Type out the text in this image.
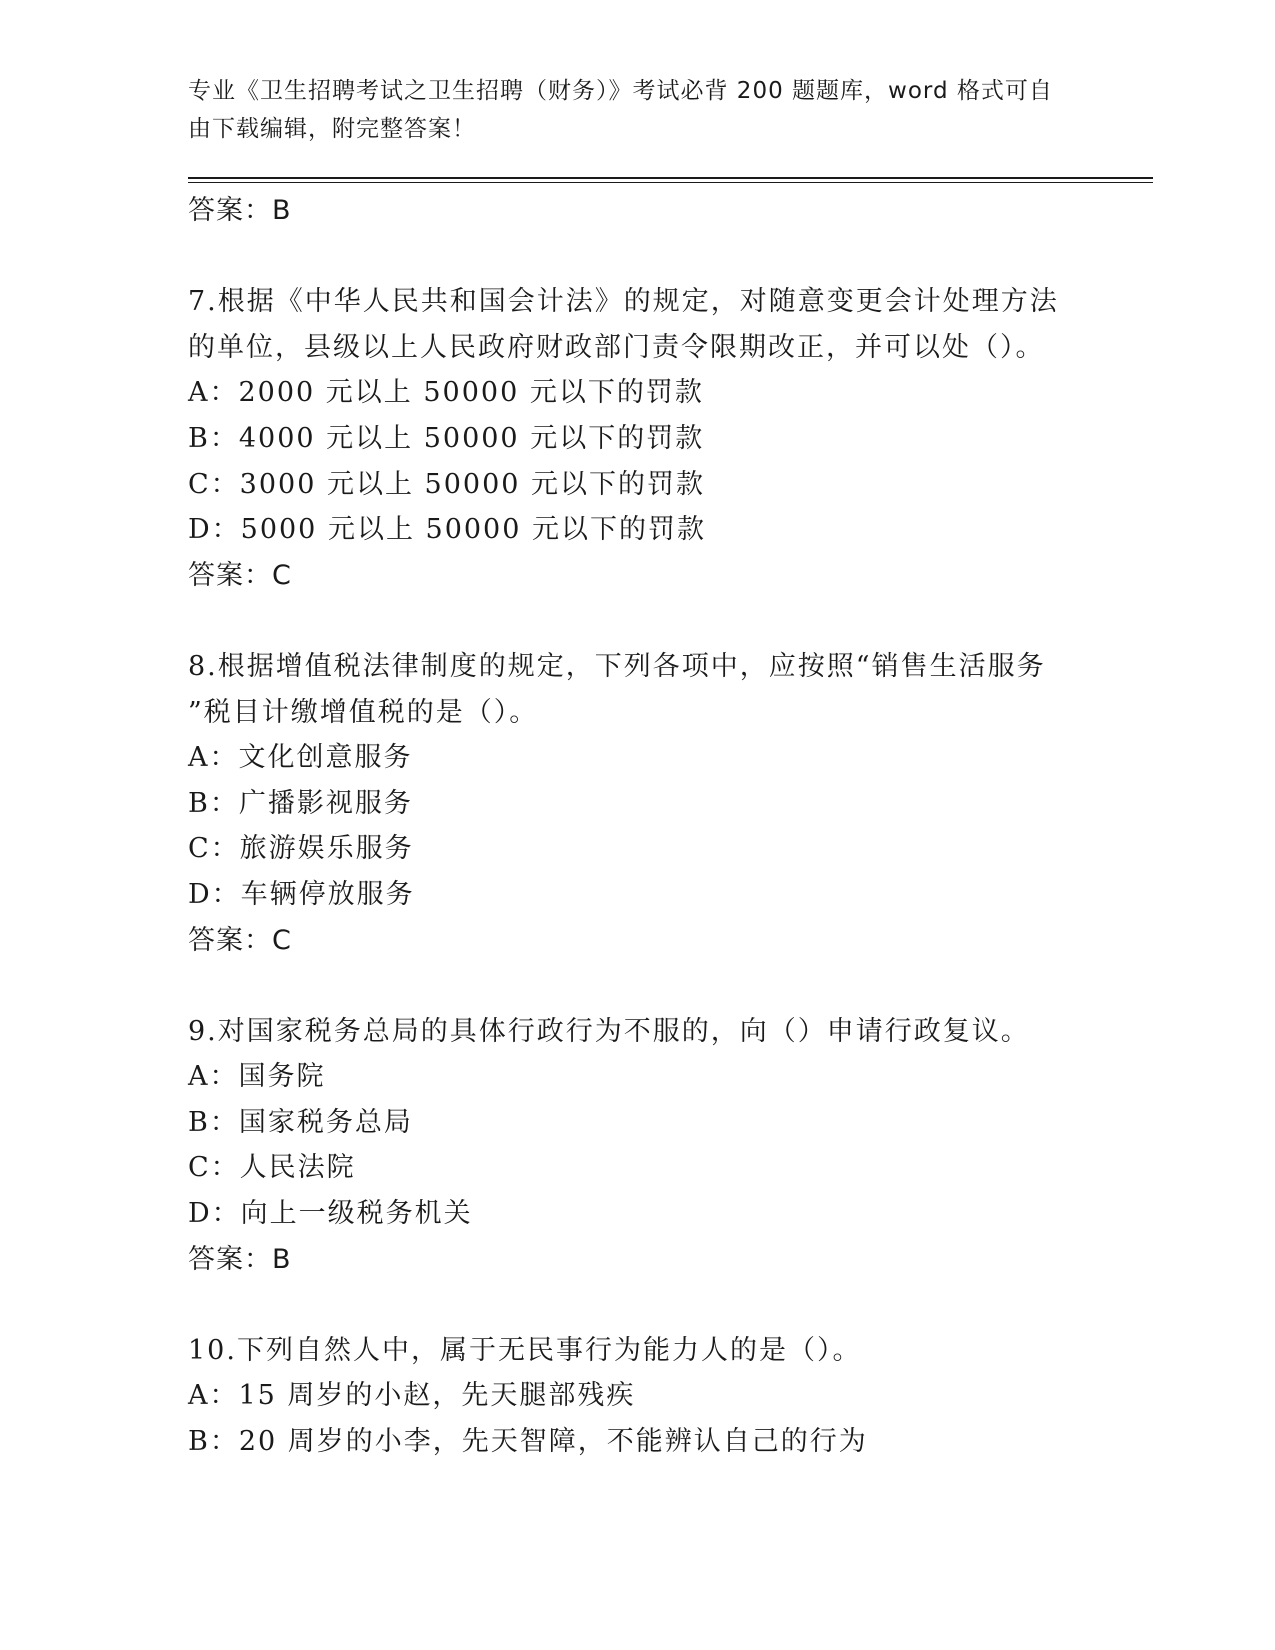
专业《卫生招聘考试之卫生招聘（财务）》考试必背 200 题题库，word 格式可自
由下载编辑，附完整答案！
答案：B
7.根据《中华人民共和国会计法》的规定，对随意变更会计处理方法
的单位，县级以上人民政府财政部门责令限期改正，并可以处（）。
A：2000 元以上 50000 元以下的罚款
B：4000 元以上 50000 元以下的罚款
C：3000 元以上 50000 元以下的罚款
D：5000 元以上 50000 元以下的罚款
答案：C
8.根据增值税法律制度的规定，下列各项中，应按照“销售生活服务
”税目计缴增值税的是（）。
A：文化创意服务
B：广播影视服务
C：旅游娱乐服务
D：车辆停放服务
答案：C
9.对国家税务总局的具体行政行为不服的，向（）申请行政复议。
A：国务院
B：国家税务总局
C：人民法院
D：向上一级税务机关
答案：B
10.下列自然人中，属于无民事行为能力人的是（）。
A：15 周岁的小赵，先天腿部残疾
B：20 周岁的小李，先天智障，不能辨认自己的行为
